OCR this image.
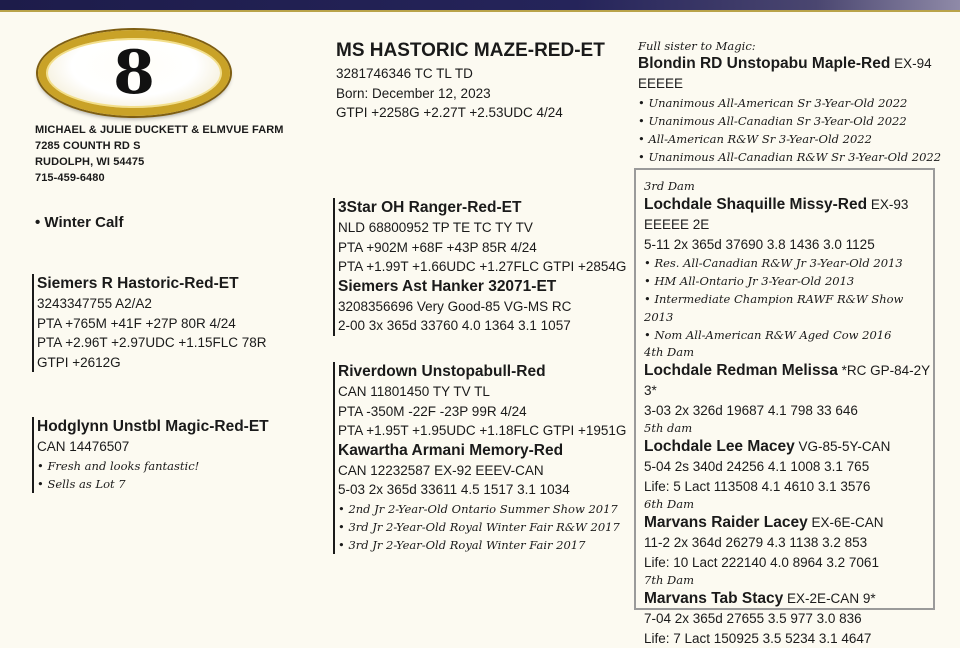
8
MICHAEL & JULIE DUCKETT & ELMVUE FARM
7285 COUNTH RD S
RUDOLPH, WI 54475
715-459-6480
• Winter Calf
MS HASTORIC MAZE-RED-ET
3281746346 TC TL TD
Born: December 12, 2023
GTPI +2258G +2.27T +2.53UDC 4/24
Siemers R Hastoric-Red-ET
3243347755 A2/A2
PTA +765M +41F +27P 80R 4/24
PTA +2.96T +2.97UDC +1.15FLC 78R
GTPI +2612G
Hodglynn Unstbl Magic-Red-ET
CAN 14476507
• Fresh and looks fantastic!
• Sells as Lot 7
3Star OH Ranger-Red-ET
NLD 68800952 TP TE TC TY TV
PTA +902M +68F +43P 85R 4/24
PTA +1.99T +1.66UDC +1.27FLC GTPI +2854G
Siemers Ast Hanker 32071-ET
3208356696 Very Good-85 VG-MS RC
2-00 3x 365d 33760 4.0 1364 3.1 1057
Riverdown Unstopabull-Red
CAN 11801450 TY TV TL
PTA -350M -22F -23P 99R 4/24
PTA +1.95T +1.95UDC +1.18FLC GTPI +1951G
Kawartha Armani Memory-Red
CAN 12232587 EX-92 EEEV-CAN
5-03 2x 365d 33611 4.5 1517 3.1 1034
• 2nd Jr 2-Year-Old Ontario Summer Show 2017
• 3rd Jr 2-Year-Old Royal Winter Fair R&W 2017
• 3rd Jr 2-Year-Old Royal Winter Fair 2017
Full sister to Magic:
Blondin RD Unstopabu Maple-Red EX-94 EEEEE
• Unanimous All-American Sr 3-Year-Old 2022
• Unanimous All-Canadian Sr 3-Year-Old 2022
• All-American R&W Sr 3-Year-Old 2022
• Unanimous All-Canadian R&W Sr 3-Year-Old 2022
3rd Dam
Lochdale Shaquille Missy-Red EX-93 EEEEE 2E
5-11 2x 365d 37690 3.8 1436 3.0 1125
• Res. All-Canadian R&W Jr 3-Year-Old 2013
• HM All-Ontario Jr 3-Year-Old 2013
• Intermediate Champion RAWF R&W Show 2013
• Nom All-American R&W Aged Cow 2016
4th Dam
Lochdale Redman Melissa *RC GP-84-2Y 3*
3-03 2x 326d 19687 4.1 798 33 646
5th dam
Lochdale Lee Macey VG-85-5Y-CAN
5-04 2s 340d 24256 4.1 1008 3.1 765
Life: 5 Lact 113508 4.1 4610 3.1 3576
6th Dam
Marvans Raider Lacey EX-6E-CAN
11-2 2x 364d 26279 4.3 1138 3.2 853
Life: 10 Lact 222140 4.0 8964 3.2 7061
7th Dam
Marvans Tab Stacy EX-2E-CAN 9*
7-04 2x 365d 27655 3.5 977 3.0 836
Life: 7 Lact 150925 3.5 5234 3.1 4647
